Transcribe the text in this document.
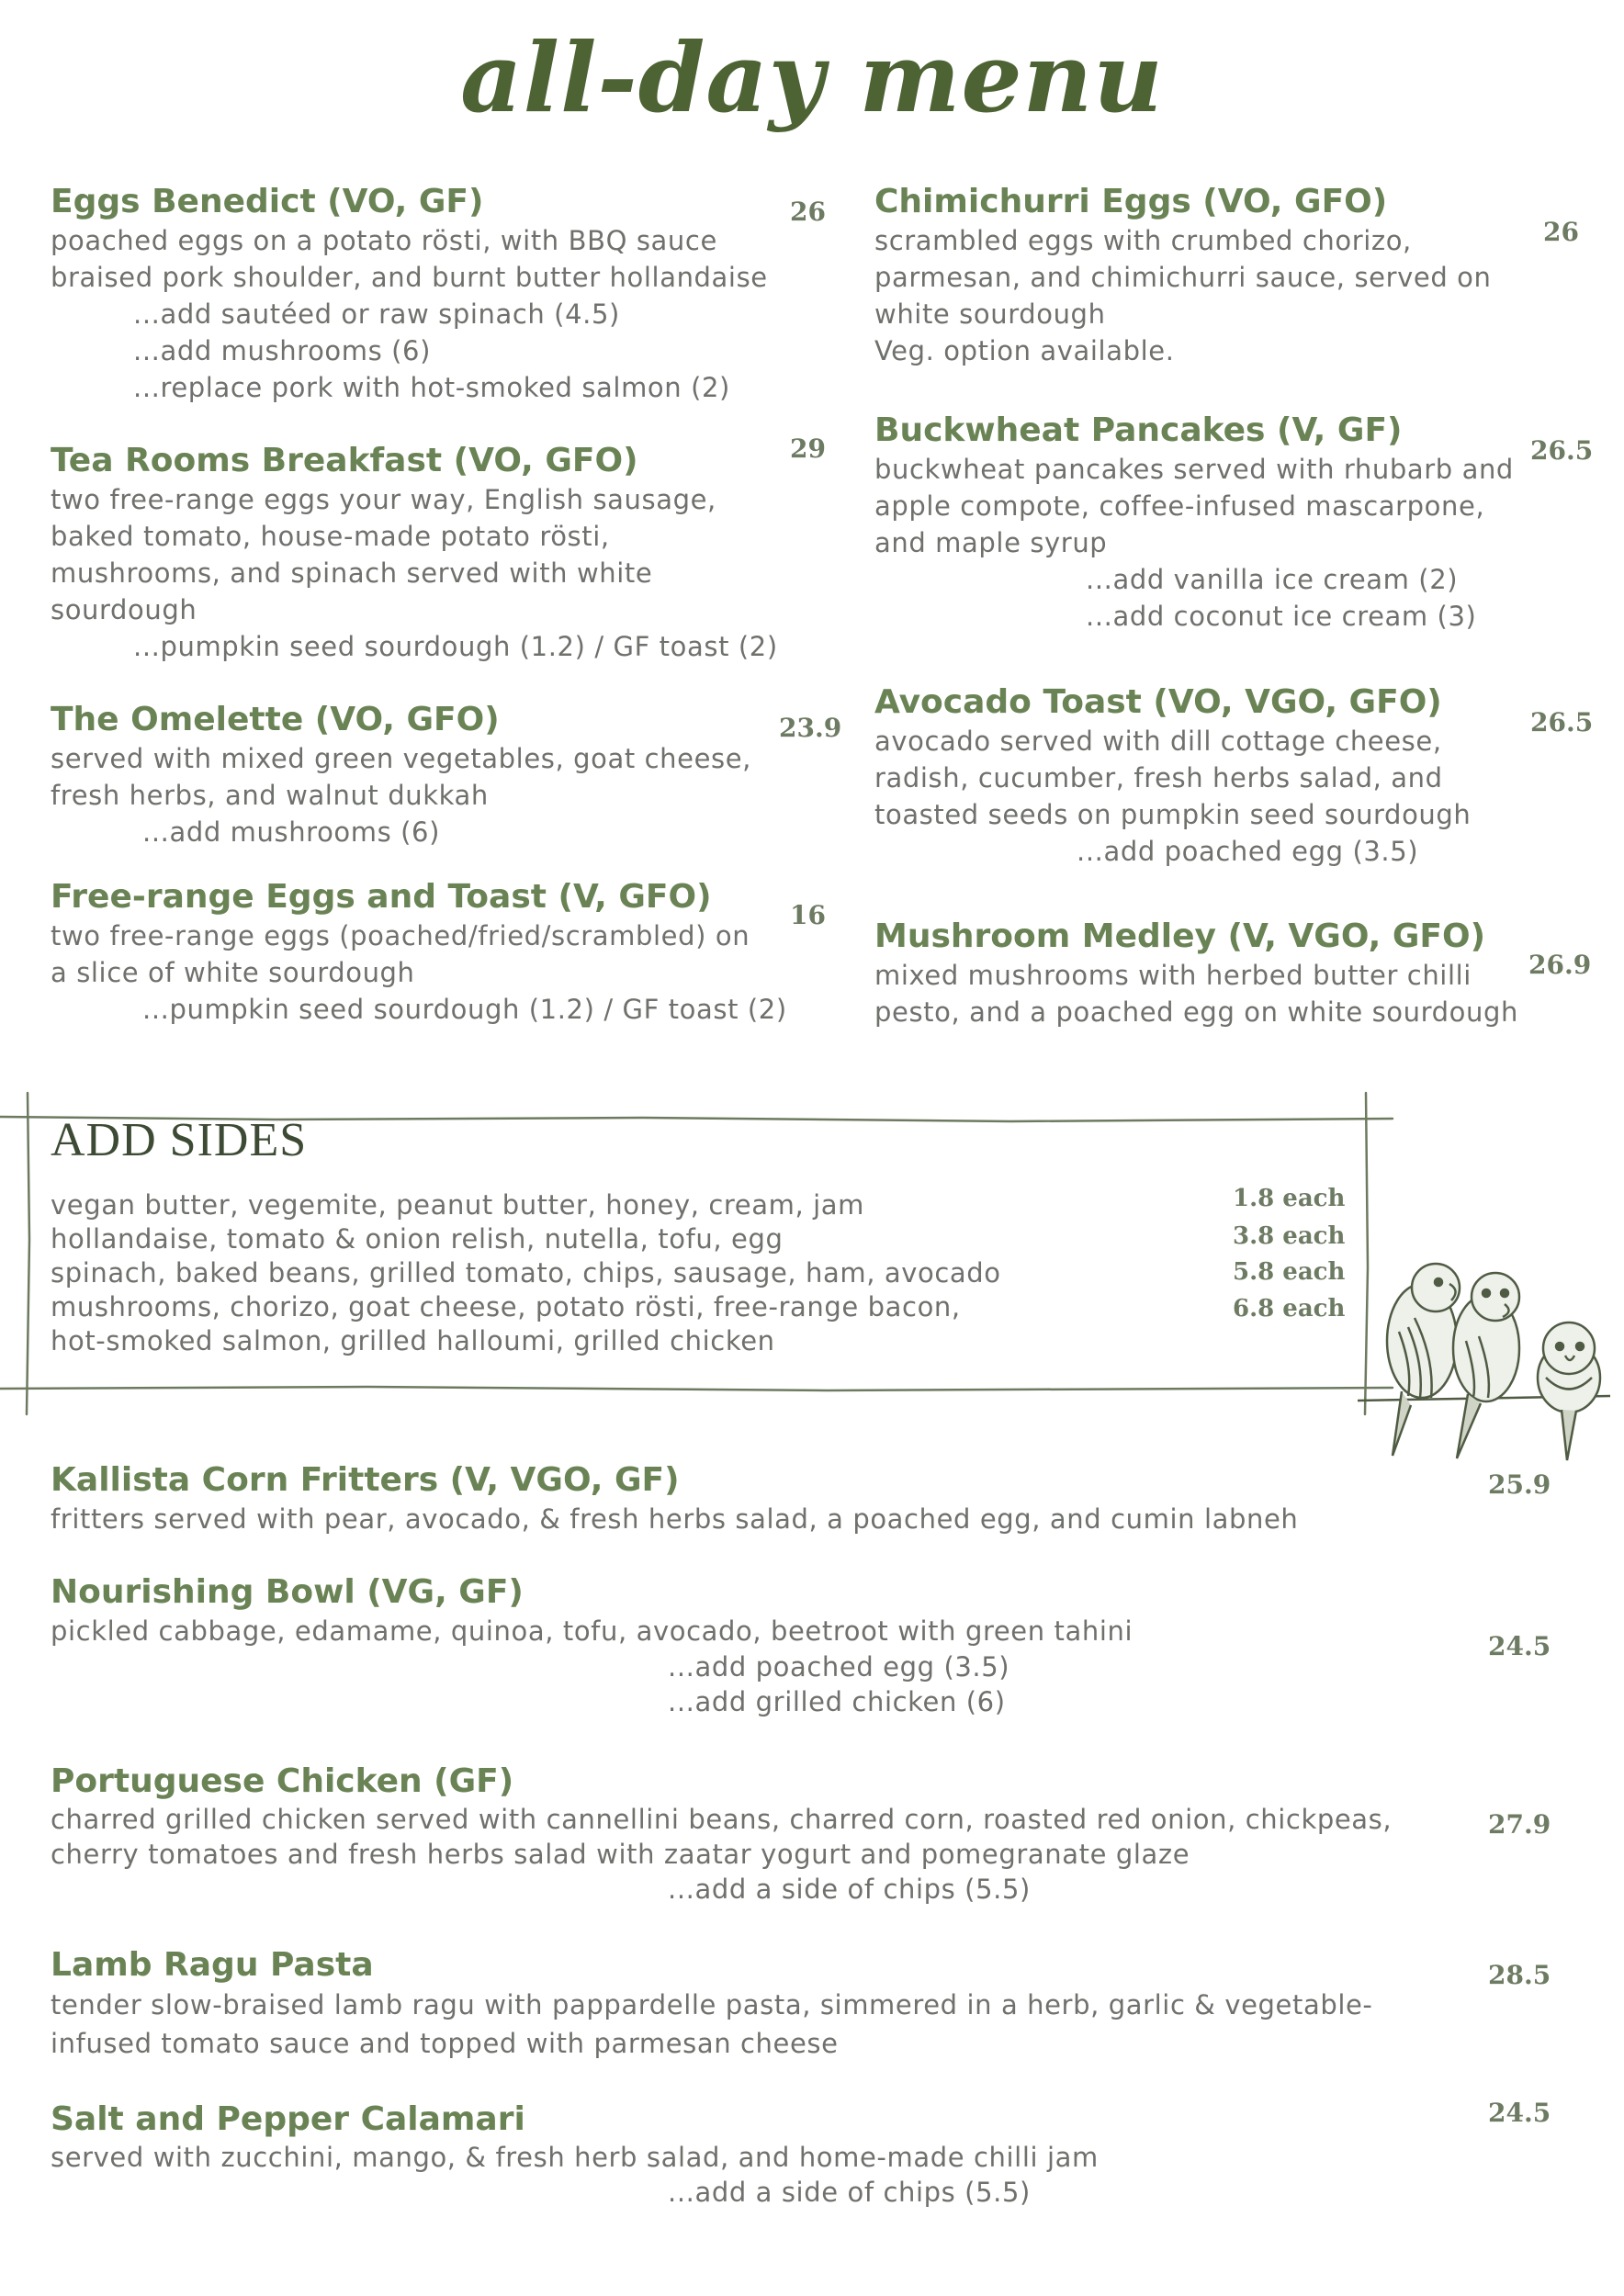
all-day menu
Eggs Benedict (VO, GF)
poached eggs on a potato rösti, with BBQ sauce
braised pork shoulder, and burnt butter hollandaise
...add sautéed or raw spinach (4.5)
...add mushrooms (6)
...replace pork with hot-smoked salmon (2)
26
Tea Rooms Breakfast (VO, GFO)
two free-range eggs your way, English sausage,
baked tomato, house-made potato rösti,
mushrooms, and spinach served with white
sourdough
...pumpkin seed sourdough (1.2) / GF toast (2)
29
The Omelette (VO, GFO)
served with mixed green vegetables, goat cheese,
fresh herbs, and walnut dukkah
...add mushrooms (6)
23.9
Free-range Eggs and Toast (V, GFO)
two free-range eggs (poached/fried/scrambled) on
a slice of white sourdough
...pumpkin seed sourdough (1.2) / GF toast (2)
16
Chimichurri Eggs (VO, GFO)
scrambled eggs with crumbed chorizo,
parmesan, and chimichurri sauce, served on
white sourdough
Veg. option available.
26
Buckwheat Pancakes (V, GF)
buckwheat pancakes served with rhubarb and
apple compote, coffee-infused mascarpone,
and maple syrup
...add vanilla ice cream (2)
...add coconut ice cream (3)
26.5
Avocado Toast (VO, VGO, GFO)
avocado served with dill cottage cheese,
radish, cucumber, fresh herbs salad, and
toasted seeds on pumpkin seed sourdough
...add poached egg (3.5)
26.5
Mushroom Medley (V, VGO, GFO)
mixed mushrooms with herbed butter chilli
pesto, and a poached egg on white sourdough
26.9
ADD SIDES
vegan butter, vegemite, peanut butter, honey, cream, jam
hollandaise, tomato & onion relish, nutella, tofu, egg
spinach, baked beans, grilled tomato, chips, sausage, ham, avocado
mushrooms, chorizo, goat cheese, potato rösti, free-range bacon,
hot-smoked salmon, grilled halloumi, grilled chicken
1.8 each
3.8 each
5.8 each
6.8 each
Kallista Corn Fritters (V, VGO, GF)
fritters served with pear, avocado, & fresh herbs salad, a poached egg, and cumin labneh
25.9
Nourishing Bowl (VG, GF)
pickled cabbage, edamame, quinoa, tofu, avocado, beetroot with green tahini
...add poached egg (3.5)
...add grilled chicken (6)
24.5
Portuguese Chicken (GF)
charred grilled chicken served with cannellini beans, charred corn, roasted red onion, chickpeas,
cherry tomatoes and fresh herbs salad with zaatar yogurt and pomegranate glaze
...add a side of chips (5.5)
27.9
Lamb Ragu Pasta
tender slow-braised lamb ragu with pappardelle pasta, simmered in a herb, garlic & vegetable-
infused tomato sauce and topped with parmesan cheese
28.5
Salt and Pepper Calamari
served with zucchini, mango, & fresh herb salad, and home-made chilli jam
...add a side of chips (5.5)
24.5
